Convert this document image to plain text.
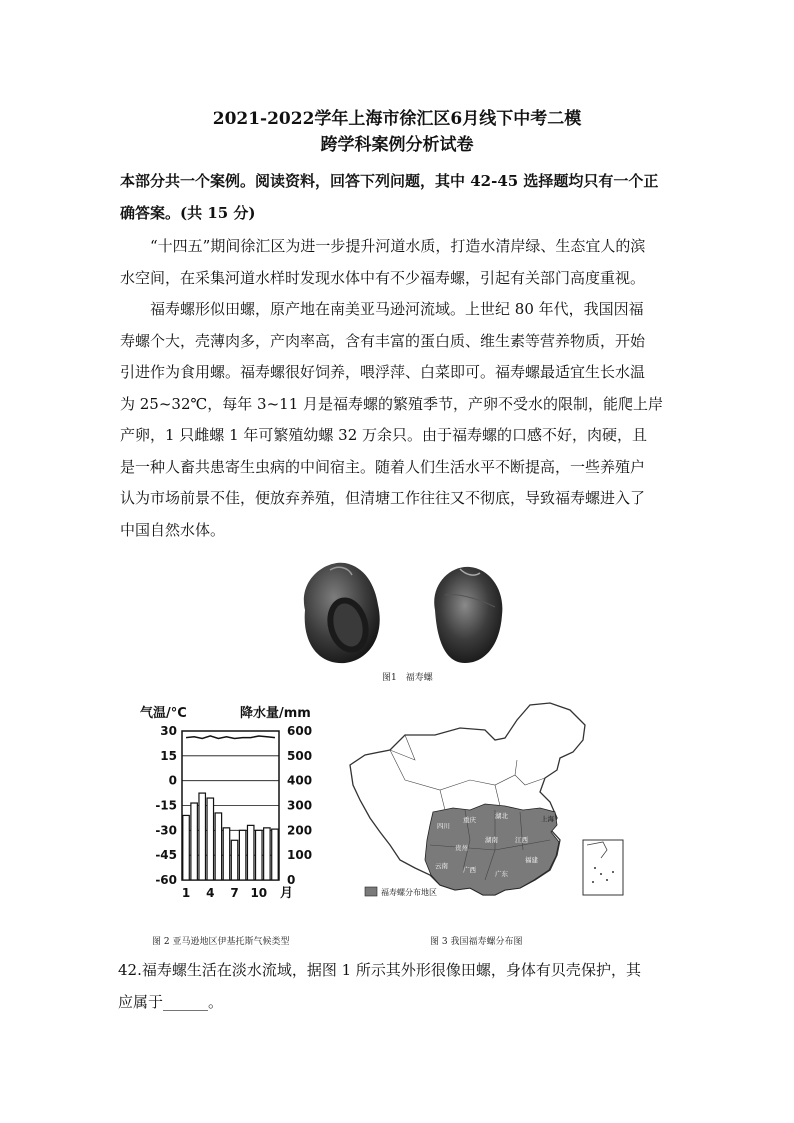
2021-2022学年上海市徐汇区6月线下中考二模
跨学科案例分析试卷
本部分共一个案例。阅读资料，回答下列问题，其中 42-45 选择题均只有一个正
确答案。(共 15 分)
“十四五”期间徐汇区为进一步提升河道水质，打造水清岸绿、生态宜人的滨
水空间，在采集河道水样时发现水体中有不少福寿螺，引起有关部门高度重视。
福寿螺形似田螺，原产地在南美亚马逊河流域。上世纪 80 年代，我国因福
寿螺个大，壳薄肉多，产肉率高，含有丰富的蛋白质、维生素等营养物质，开始
引进作为食用螺。福寿螺很好饲养，喂浮萍、白菜即可。福寿螺最适宜生长水温
为 25~32℃，每年 3~11 月是福寿螺的繁殖季节，产卵不受水的限制，能爬上岸
产卵，1 只雌螺 1 年可繁殖幼螺 32 万余只。由于福寿螺的口感不好，肉硬，且
是一种人畜共患寄生虫病的中间宿主。随着人们生活水平不断提高，一些养殖户
认为市场前景不佳，便放弃养殖，但清塘工作往往又不彻底，导致福寿螺进入了
中国自然水体。
图1　福寿螺
气温/°C	降水量/mm
30
15
0
-15
-30
-45
-60
600
500
400
300
200
100
0
1 4 7 10 月
图 2 亚马逊地区伊基托斯气候类型
四川
重庆	湖北	上海
湖南	江西
贵州
福建
广西	广东
云南
福寿螺分布地区
图 3 我国福寿螺分布图
42.福寿螺生活在淡水流域，据图 1 所示其外形很像田螺，身体有贝壳保护，其
应属于______。
